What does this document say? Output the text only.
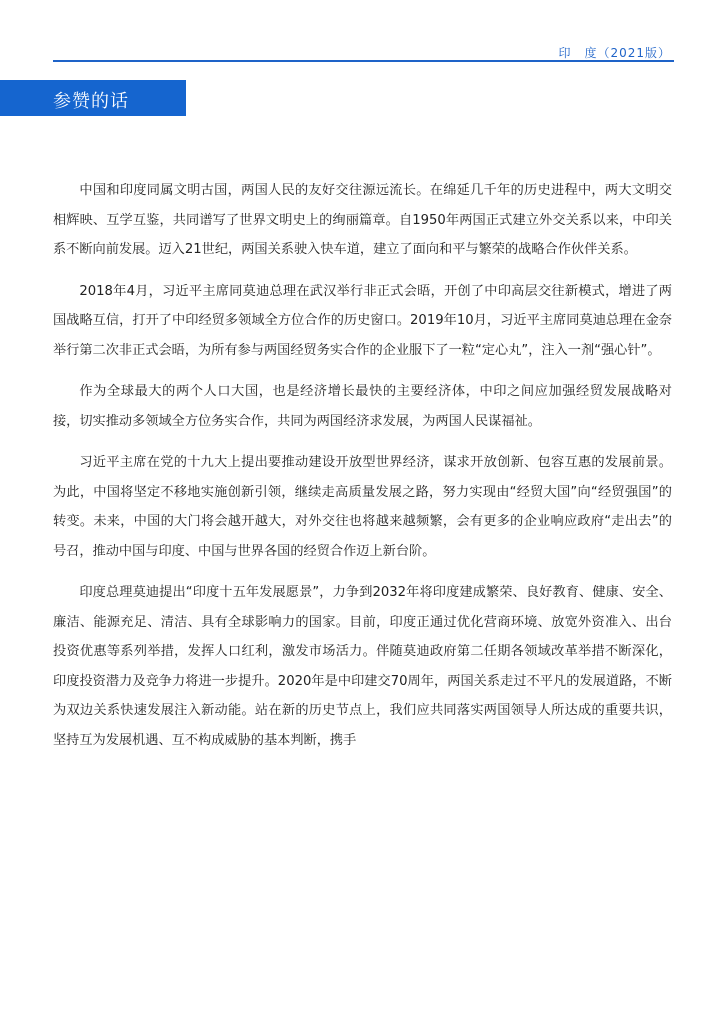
印　度（2021版）
参赞的话

中国和印度同属文明古国，两国人民的友好交往源远流长。在绵延几千年的历史进程中，两大文明交相辉映、互学互鉴，共同谱写了世界文明史上的绚丽篇章。自1950年两国正式建立外交关系以来，中印关系不断向前发展。迈入21世纪，两国关系驶入快车道，建立了面向和平与繁荣的战略合作伙伴关系。

2018年4月，习近平主席同莫迪总理在武汉举行非正式会晤，开创了中印高层交往新模式，增进了两国战略互信，打开了中印经贸多领域全方位合作的历史窗口。2019年10月，习近平主席同莫迪总理在金奈举行第二次非正式会晤，为所有参与两国经贸务实合作的企业服下了一粒“定心丸”，注入一剂“强心针”。

作为全球最大的两个人口大国，也是经济增长最快的主要经济体，中印之间应加强经贸发展战略对接，切实推动多领域全方位务实合作，共同为两国经济求发展，为两国人民谋福祉。

习近平主席在党的十九大上提出要推动建设开放型世界经济，谋求开放创新、包容互惠的发展前景。为此，中国将坚定不移地实施创新引领，继续走高质量发展之路，努力实现由“经贸大国”向“经贸强国”的转变。未来，中国的大门将会越开越大，对外交往也将越来越频繁，会有更多的企业响应政府“走出去”的号召，推动中国与印度、中国与世界各国的经贸合作迈上新台阶。

印度总理莫迪提出“印度十五年发展愿景”，力争到2032年将印度建成繁荣、良好教育、健康、安全、廉洁、能源充足、清洁、具有全球影响力的国家。目前，印度正通过优化营商环境、放宽外资准入、出台投资优惠等系列举措，发挥人口红利，激发市场活力。伴随莫迪政府第二任期各领域改革举措不断深化，印度投资潜力及竞争力将进一步提升。2020年是中印建交70周年，两国关系走过不平凡的发展道路，不断为双边关系快速发展注入新动能。站在新的历史节点上，我们应共同落实两国领导人所达成的重要共识，坚持互为发展机遇、互不构成威胁的基本判断，携手
